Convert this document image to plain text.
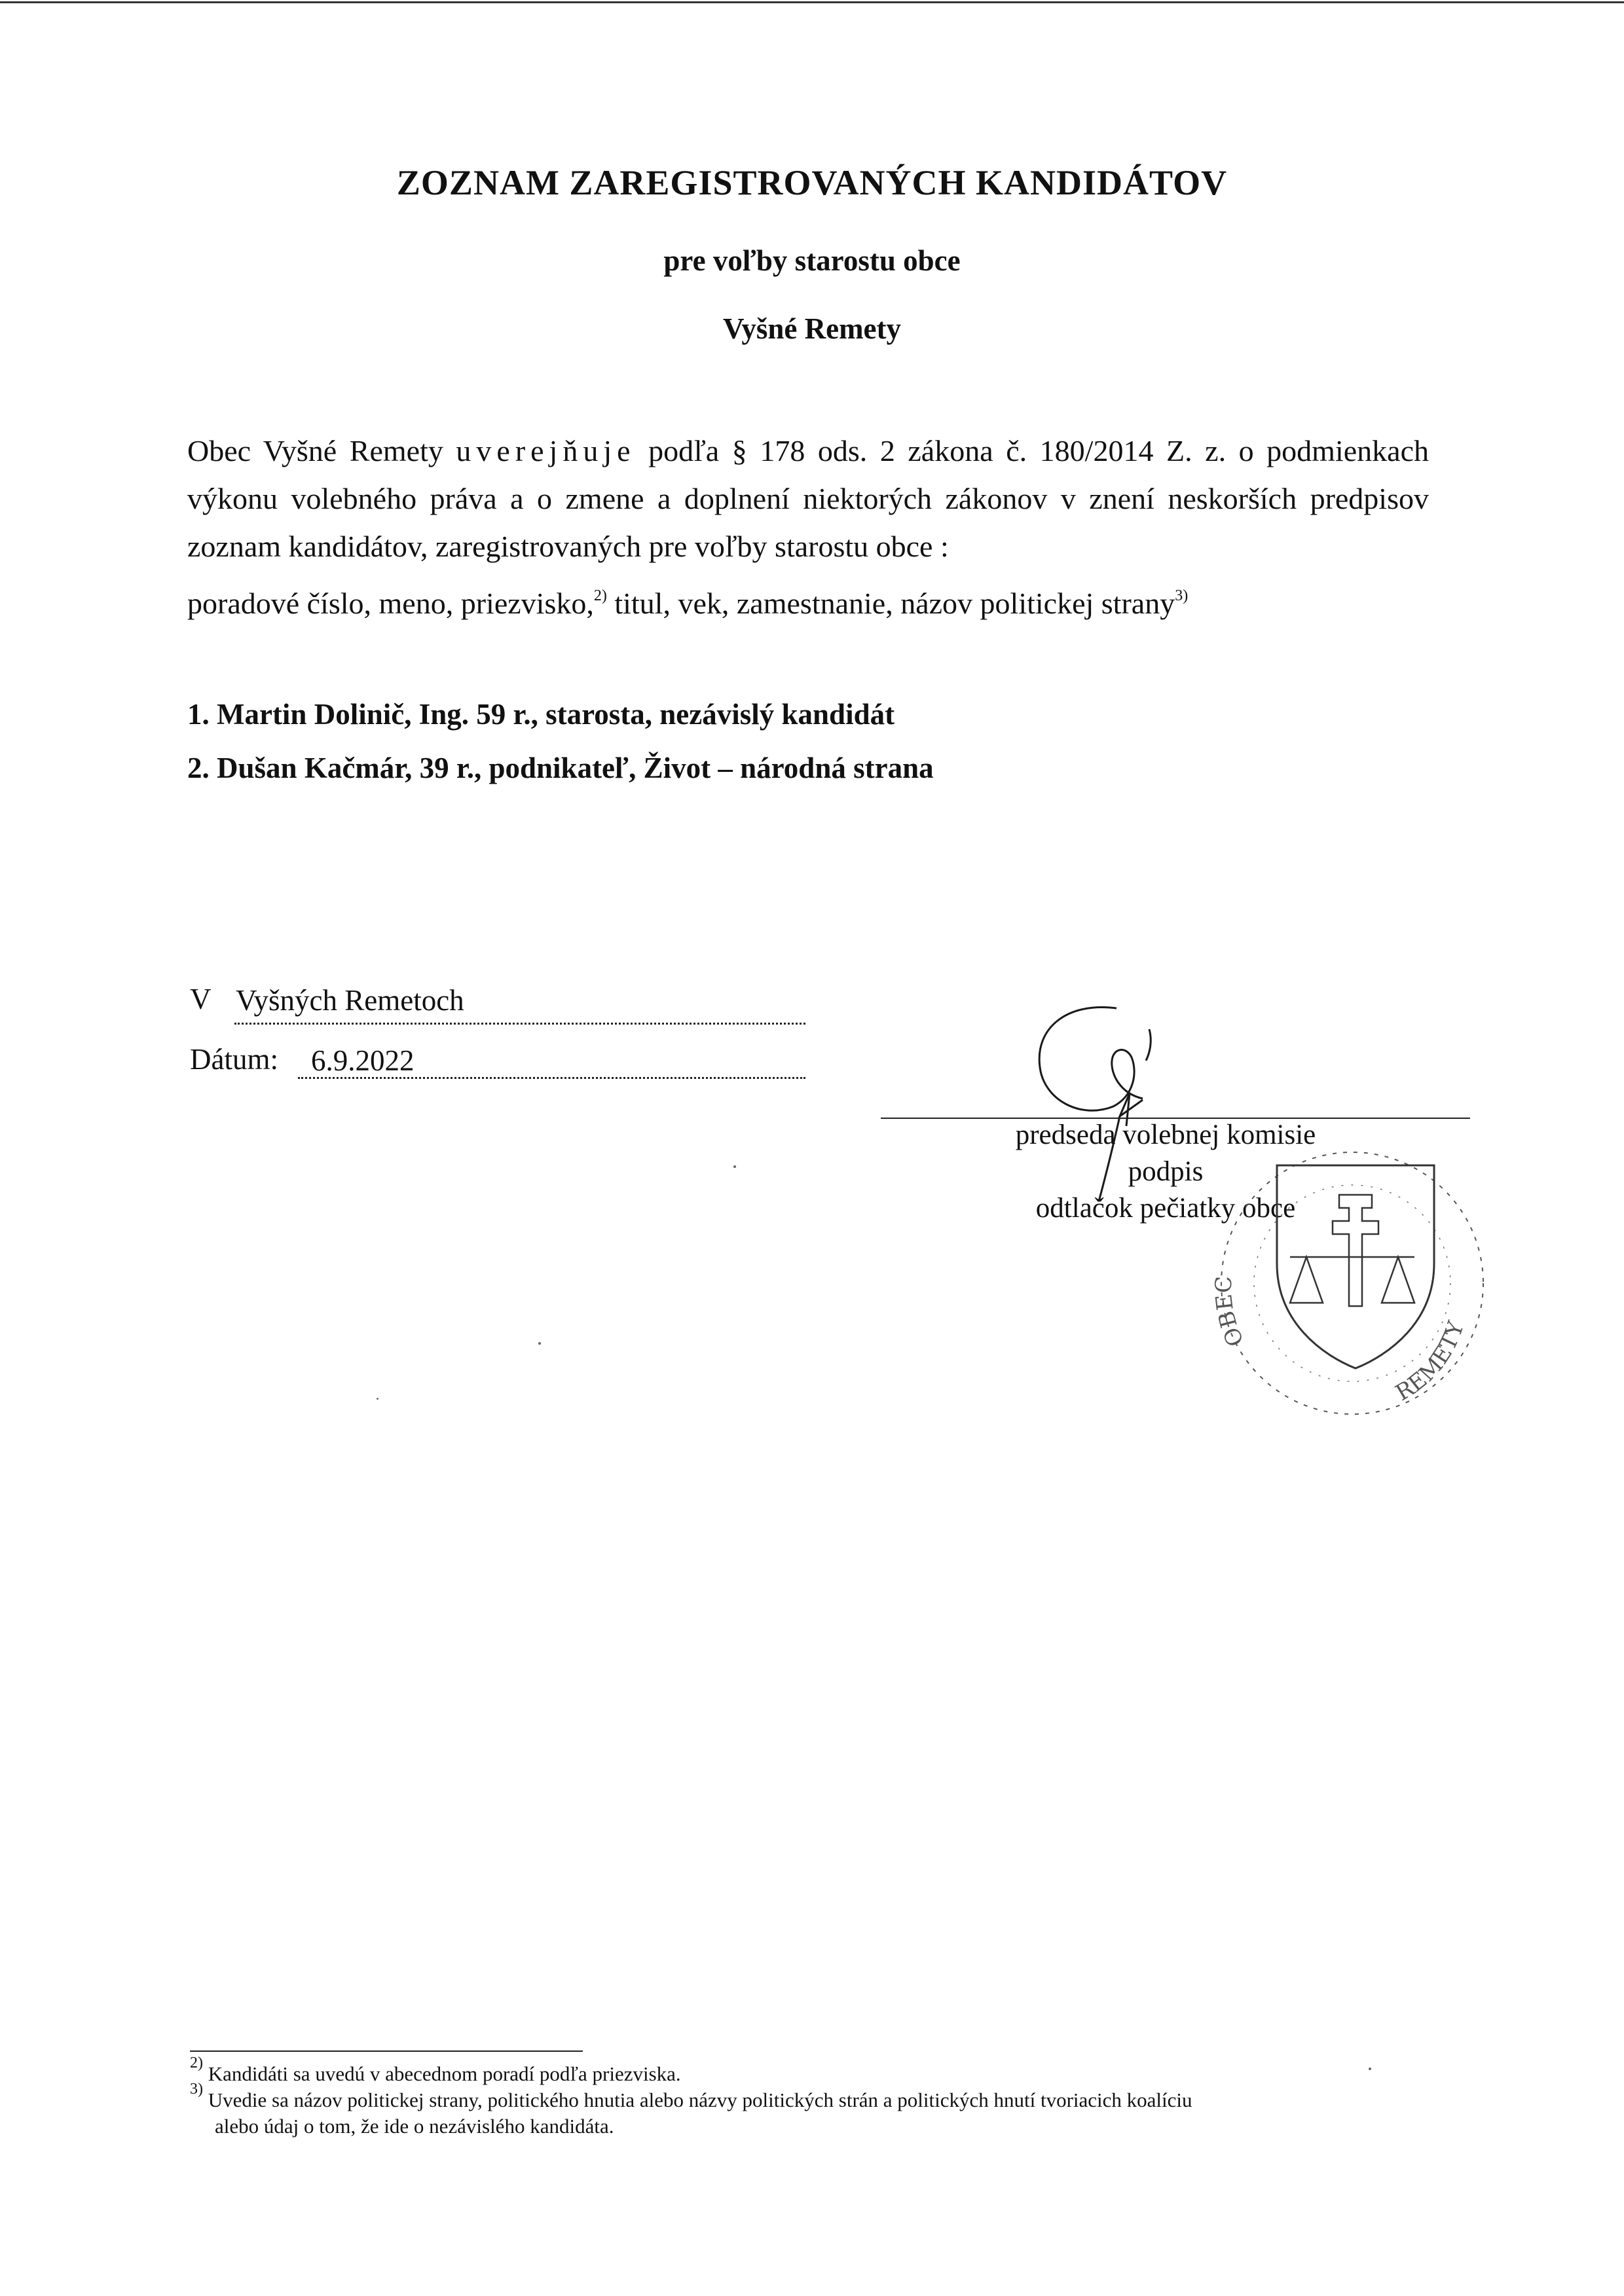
ZOZNAM ZAREGISTROVANÝCH KANDIDÁTOV
pre voľby starostu obce
Vyšné Remety
Obec Vyšné Remety uverejňuje podľa § 178 ods. 2 zákona č. 180/2014 Z. z. o podmienkach výkonu volebného práva a o zmene a doplnení niektorých zákonov v znení neskorších predpisov zoznam kandidátov, zaregistrovaných pre voľby starostu obce :
poradové číslo, meno, priezvisko,$^{2)}$ titul, vek, zamestnanie, názov politickej strany$^{3)}$
1. Martin Dolinič, Ing. 59 r., starosta, nezávislý kandidát
2. Dušan Kačmár, 39 r., podnikateľ, Život – národná strana
V Vyšných Remetoch
Dátum: 6.9.2022
predseda volebnej komisie
podpis
odtlačok pečiatky obce
OBEC
REMETY

$^{2)}$ Kandidáti sa uvedú v abecednom poradí podľa priezviska.

$^{3)}$ Uvedie sa názov politickej strany, politického hnutia alebo názvy politických strán a politických hnutí tvoriacich koalíciu

alebo údaj o tom, že ide o nezávislého kandidáta.
